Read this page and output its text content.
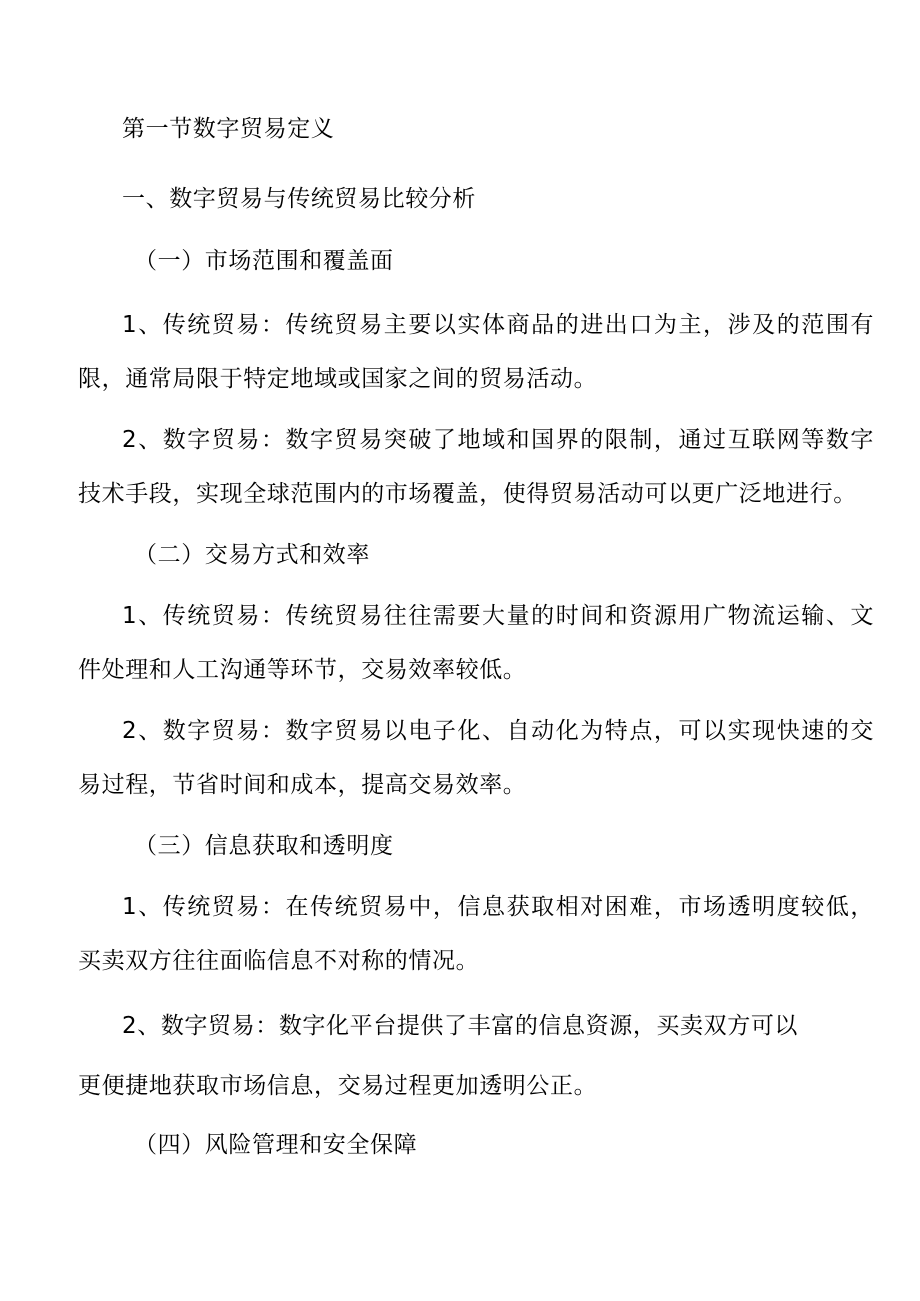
第一节数字贸易定义
一、数字贸易与传统贸易比较分析
（一）市场范围和覆盖面
1、传统贸易：传统贸易主要以实体商品的进出口为主，涉及的范围有
限，通常局限于特定地域或国家之间的贸易活动。
2、数字贸易：数字贸易突破了地域和国界的限制，通过互联网等数字
技术手段，实现全球范围内的市场覆盖，使得贸易活动可以更广泛地进行。
（二）交易方式和效率
1、传统贸易：传统贸易往往需要大量的时间和资源用广物流运输、文
件处理和人工沟通等环节，交易效率较低。
2、数字贸易：数字贸易以电子化、自动化为特点，可以实现快速的交
易过程，节省时间和成本，提高交易效率。
（三）信息获取和透明度
1、传统贸易：在传统贸易中，信息获取相对困难，市场透明度较低，
买卖双方往往面临信息不对称的情况。
2、数字贸易：数字化平台提供了丰富的信息资源，买卖双方可以
更便捷地获取市场信息，交易过程更加透明公正。
（四）风险管理和安全保障
